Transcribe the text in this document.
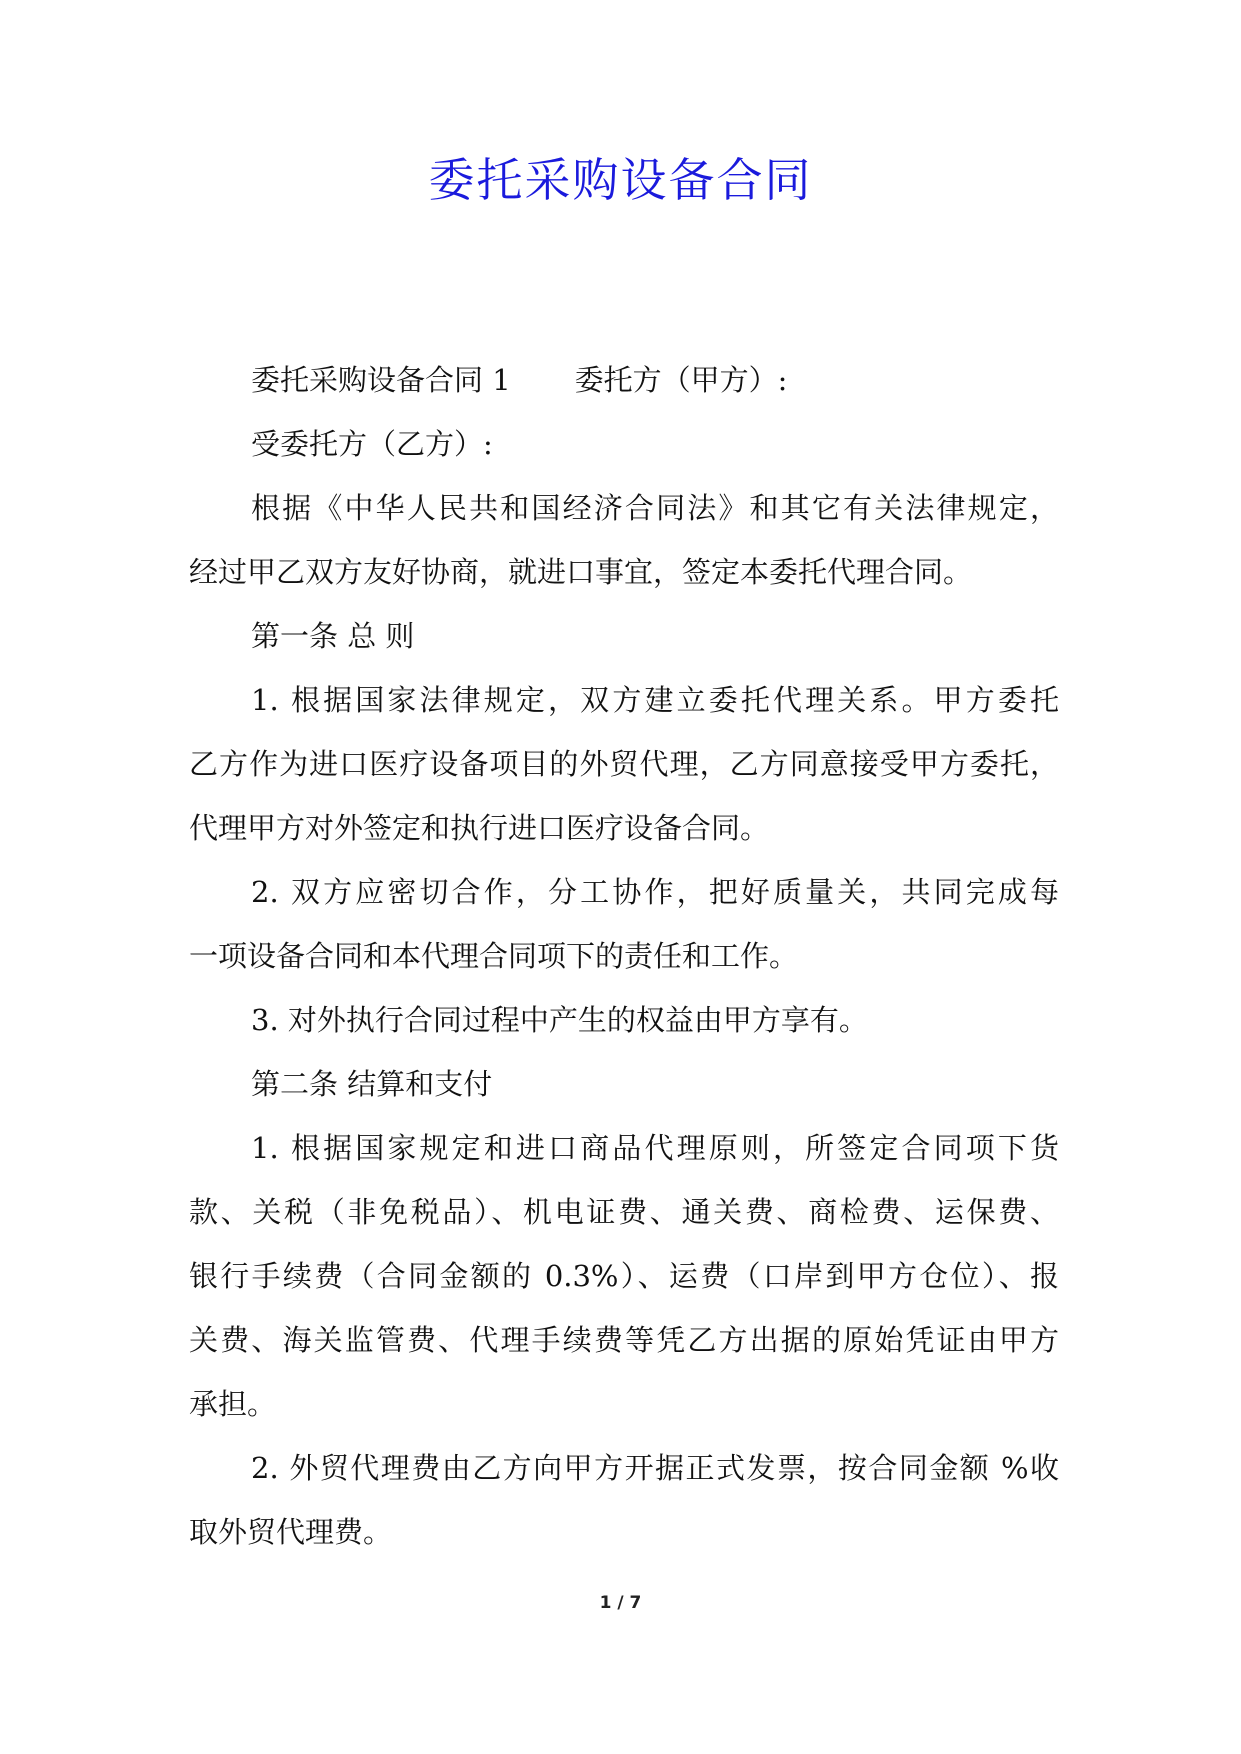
委托采购设备合同
委托采购设备合同 1 委托方（甲方）:
受委托方（乙方）:
根据《中华人民共和国经济合同法》和其它有关法律规定，
经过甲乙双方友好协商，就进口事宜，签定本委托代理合同。
第一条 总 则
1. 根据国家法律规定，双方建立委托代理关系。甲方委托
乙方作为进口医疗设备项目的外贸代理，乙方同意接受甲方委托，
代理甲方对外签定和执行进口医疗设备合同。
2. 双方应密切合作，分工协作，把好质量关，共同完成每
一项设备合同和本代理合同项下的责任和工作。
3. 对外执行合同过程中产生的权益由甲方享有。
第二条 结算和支付
1. 根据国家规定和进口商品代理原则，所签定合同项下货
款、关税（非免税品）、机电证费、通关费、商检费、运保费、
银行手续费（合同金额的 0.3%）、运费（口岸到甲方仓位）、报
关费、海关监管费、代理手续费等凭乙方出据的原始凭证由甲方
承担。
2. 外贸代理费由乙方向甲方开据正式发票，按合同金额 %收
取外贸代理费。
1 / 7
